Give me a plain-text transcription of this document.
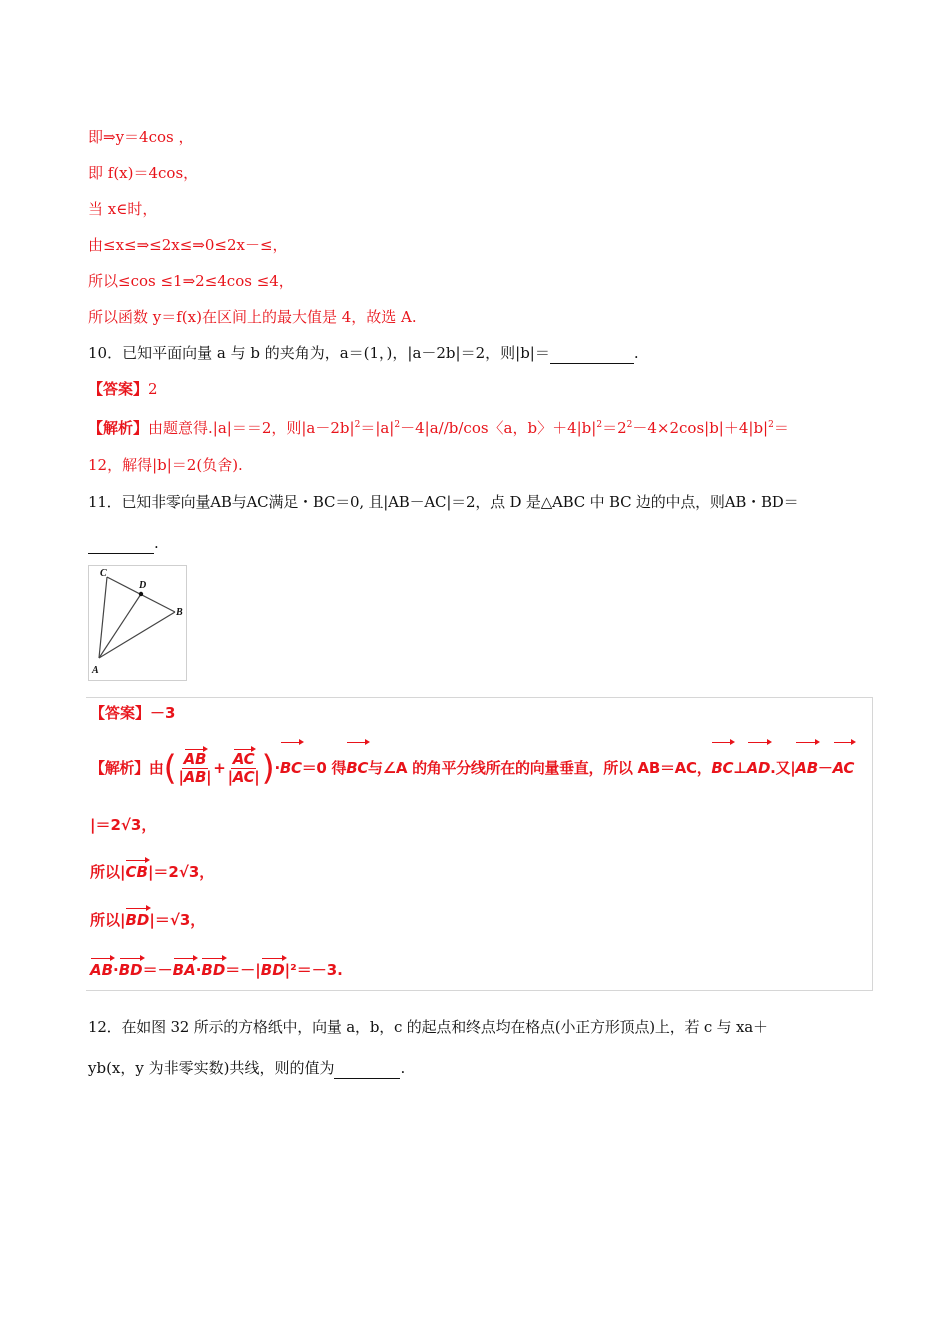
即⇒y＝4cos ，
即 f(x)＝4cos，
当 x∈时，
由≤x≤⇒≤2x≤⇒0≤2x－≤，
所以≤cos ≤1⇒2≤4cos ≤4，
所以函数 y＝f(x)在区间上的最大值是 4，故选 A.
10．已知平面向量 a 与 b 的夹角为，a＝(1，)，|a－2b|＝2，则|b|＝	.
【答案】2
【解析】由题意得.|a|＝＝2，则$|a-2b|^2=|a|^2-4|a//b/\cos$〈a，b〉$+4|b|^2=2^2-4\times 2\cos|b|+4|b|^2=$
12，解得|b|＝2(负舍).
11．已知非零向量AB与AC满足・BC＝0, 且|AB－AC|＝2，点 D 是△ABC 中 BC 边的中点，则AB・BD＝
.
C
D
B
A
【答案】－3
【解析】由( $\frac{AB}{|AB|} + \frac{AC}{|AC|} )\cdot BC=0$ 得BC与∠A 的角平分线所在的向量垂直，所以 AB＝AC，BC⊥AD.又|AB－AC
|＝2√3，
所以|CB|＝2√3，
所以|BD|＝√3，
AB·BD＝－BA·BD＝－|BD|²＝－3.
12．在如图 32 所示的方格纸中，向量 a，b，c 的起点和终点均在格点(小正方形顶点)上，若 c 与 xa＋
yb(x，y 为非零实数)共线，则的值为	.
